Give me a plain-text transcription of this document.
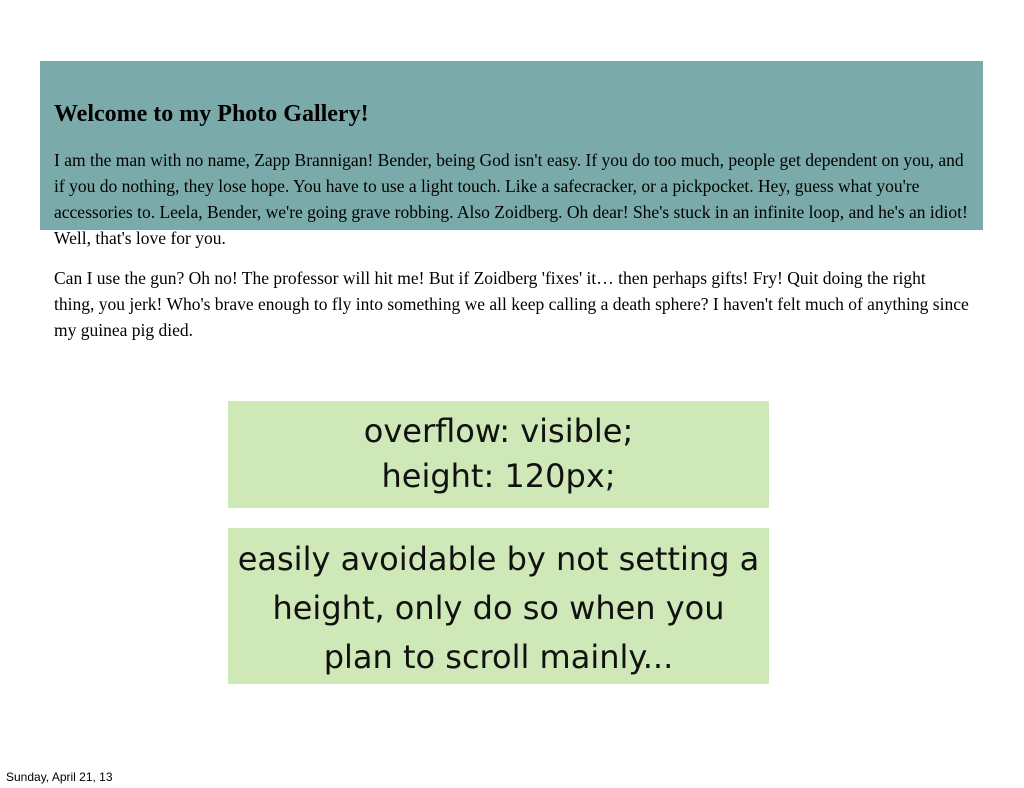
Welcome to my Photo Gallery!

I am the man with no name, Zapp Brannigan! Bender, being God isn't easy. If you do too much, people get dependent on you, and if you do nothing, they lose hope. You have to use a light touch. Like a safecracker, or a pickpocket. Hey, guess what you're accessories to. Leela, Bender, we're going grave robbing. Also Zoidberg. Oh dear! She's stuck in an infinite loop, and he's an idiot! Well, that's love for you.

Can I use the gun? Oh no! The professor will hit me! But if Zoidberg 'fixes' it… then perhaps gifts! Fry! Quit doing the right thing, you jerk! Who's brave enough to fly into something we all keep calling a death sphere? I haven't felt much of anything since my guinea pig died.

overflow: visible;
height: 120px;
easily avoidable by not setting a
height, only do so when you
plan to scroll mainly...
Sunday, April 21, 13
